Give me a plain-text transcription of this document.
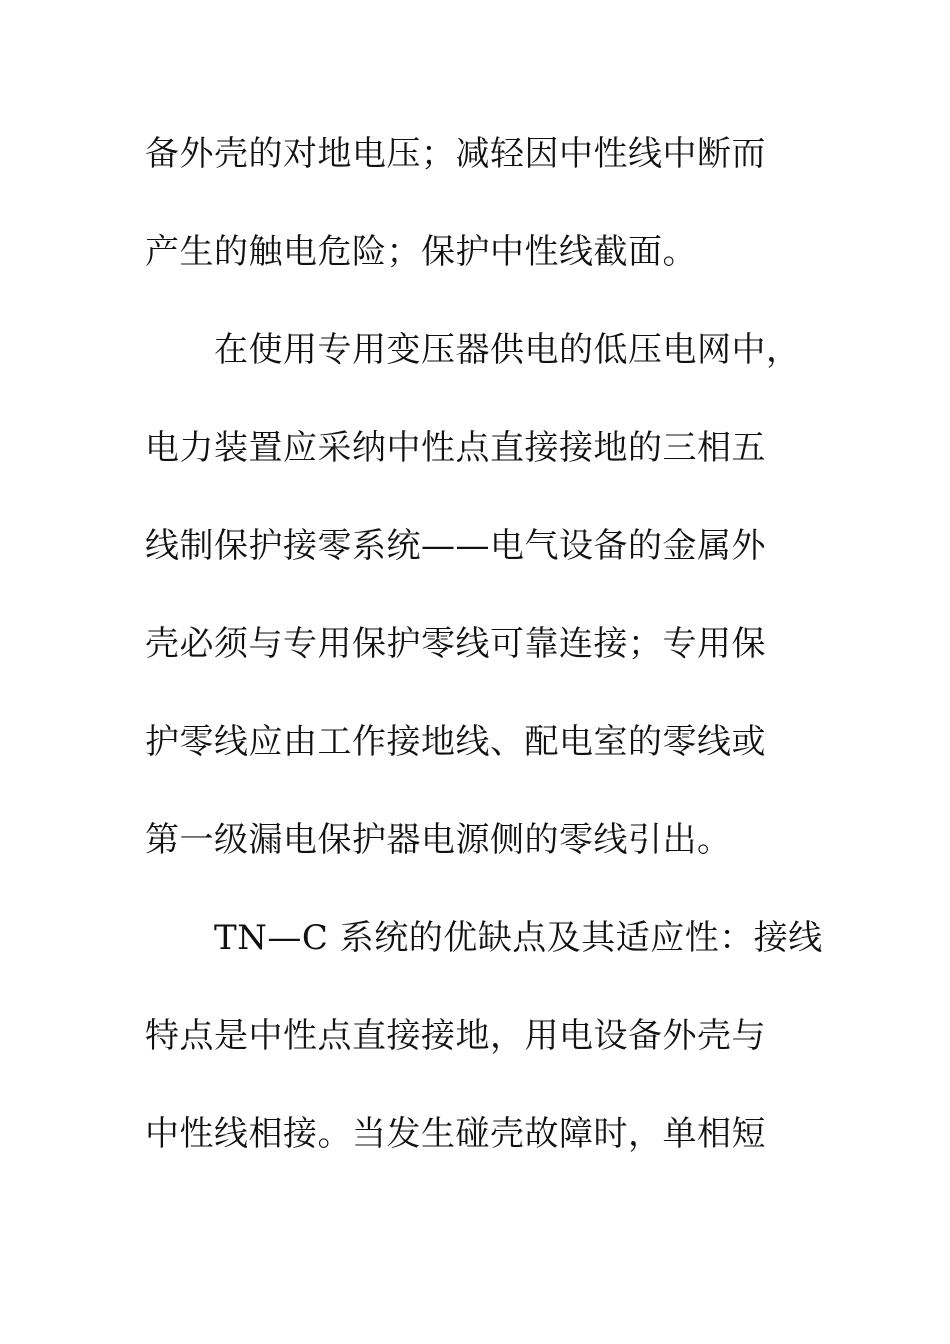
备外壳的对地电压；减轻因中性线中断而
产生的触电危险；保护中性线截面。
在使用专用变压器供电的低压电网中，
电力装置应采纳中性点直接接地的三相五
线制保护接零系统——电气设备的金属外
壳必须与专用保护零线可靠连接；专用保
护零线应由工作接地线、配电室的零线或
第一级漏电保护器电源侧的零线引出。
TN—C 系统的优缺点及其适应性：接线
特点是中性点直接接地，用电设备外壳与
中性线相接。当发生碰壳故障时，单相短
